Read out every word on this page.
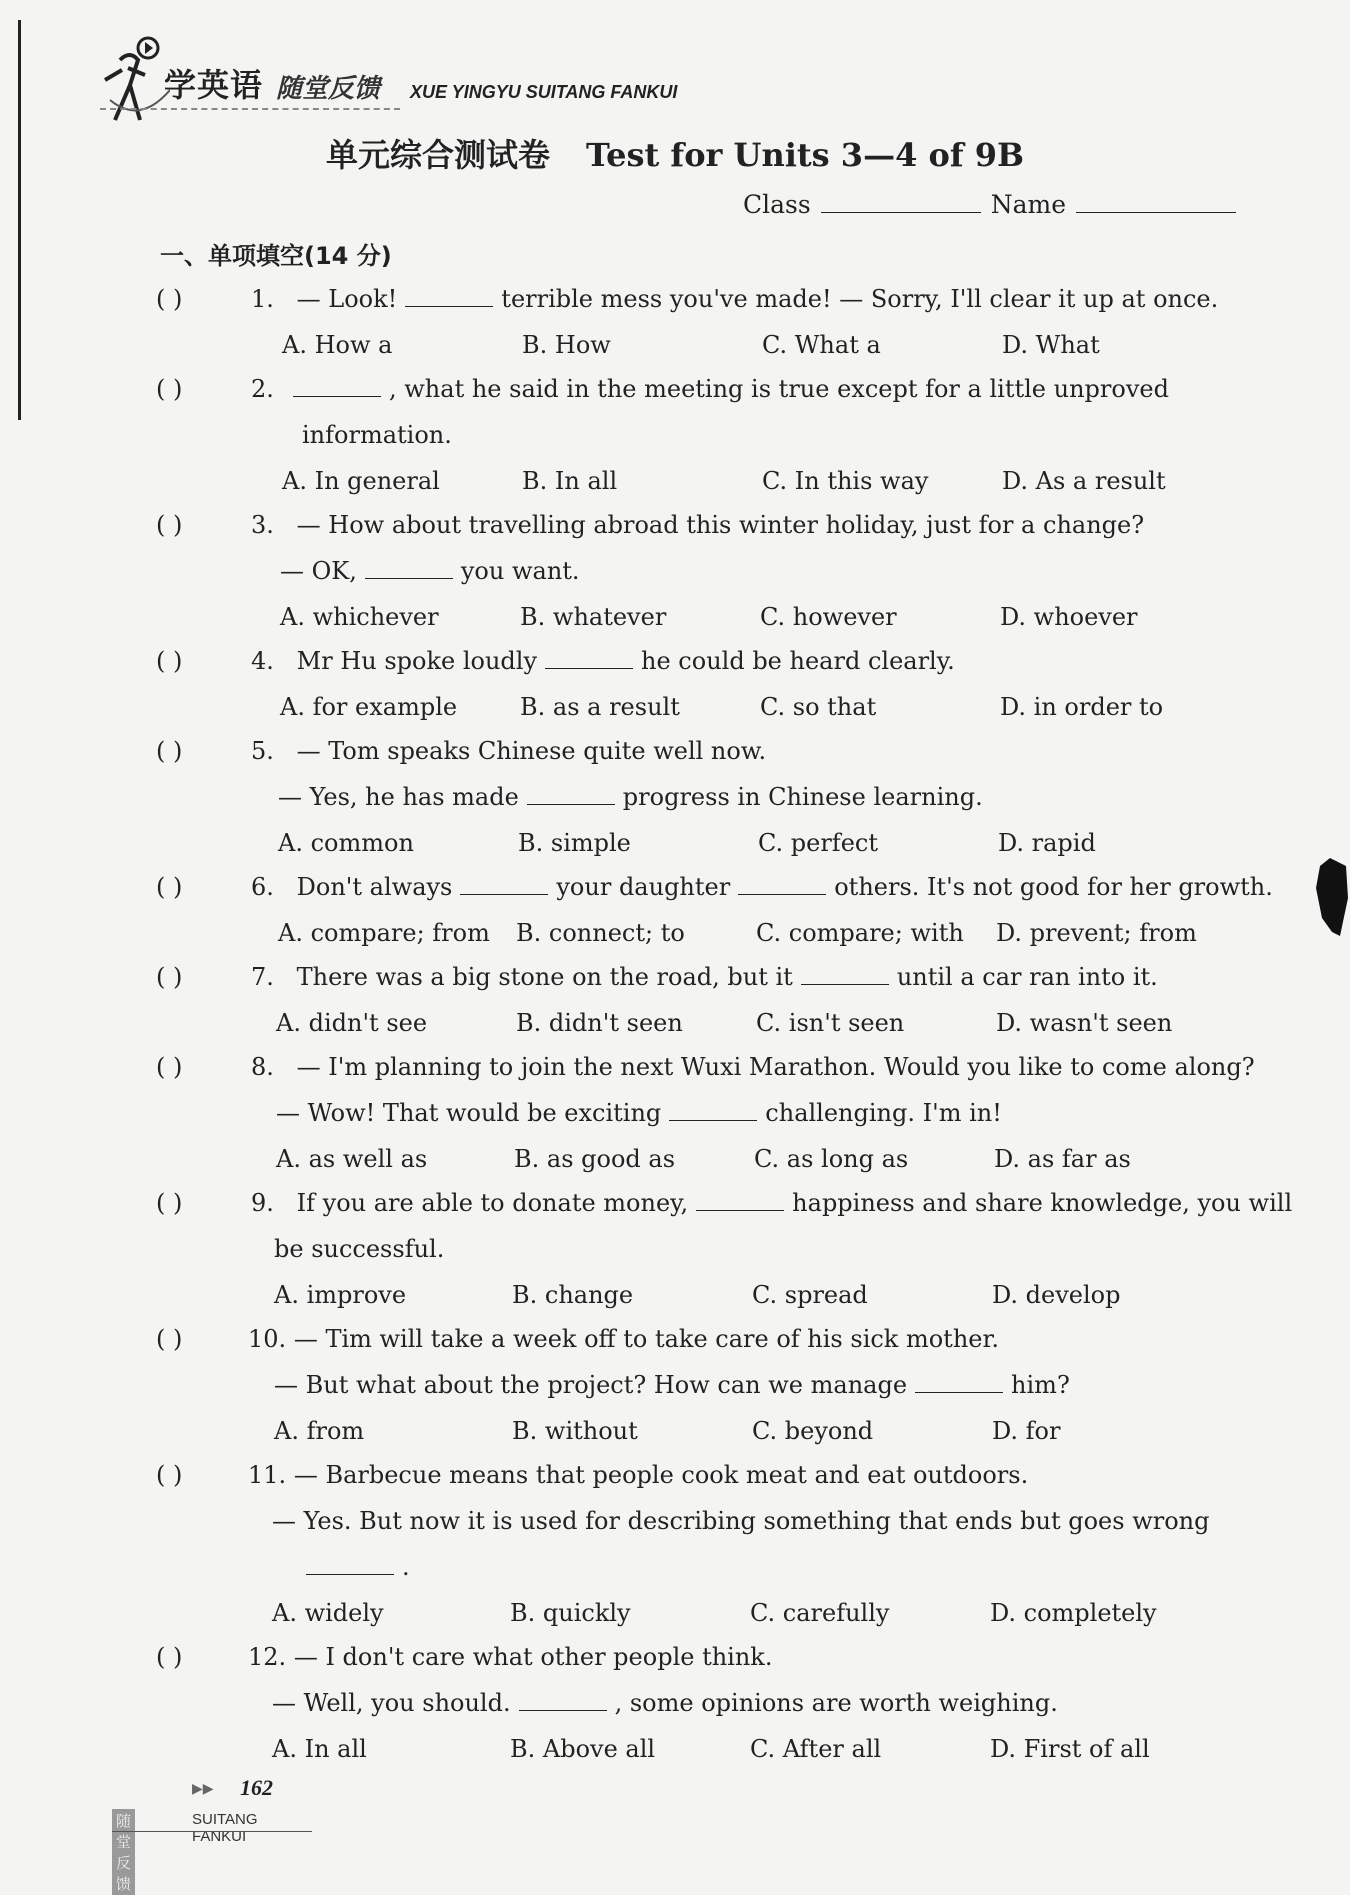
学英语 随堂反馈 XUE YINGYU SUITANG FANKUI
单元综合测试卷 Test for Units 3—4 of 9B
Class	Name
一、单项填空(14 分)
( )	1. — Look!	terrible mess you've made! — Sorry, I'll clear it up at once.
A. How a	B. How	C. What a	D. What
( )	2.	, what he said in the meeting is true except for a little unproved
information.
A. In general	B. In all	C. In this way	D. As a result
( )	3. — How about travelling abroad this winter holiday, just for a change?
— OK,	you want.
A. whichever	B. whatever	C. however	D. whoever
( )	4. Mr Hu spoke loudly	he could be heard clearly.
A. for example	B. as a result	C. so that	D. in order to
( )	5. — Tom speaks Chinese quite well now.
— Yes, he has made	progress in Chinese learning.
A. common	B. simple	C. perfect	D. rapid
( )	6. Don't always	your daughter	others. It's not good for her growth.
A. compare; from B. connect; to	C. compare; with D. prevent; from
( )	7. There was a big stone on the road, but it	until a car ran into it.
A. didn't see	B. didn't seen	C. isn't seen	D. wasn't seen
( )	8. — I'm planning to join the next Wuxi Marathon. Would you like to come along?
— Wow! That would be exciting	challenging. I'm in!
A. as well as	B. as good as	C. as long as	D. as far as
( )	9. If you are able to donate money,	happiness and share knowledge, you will
be successful.
A. improve	B. change	C. spread	D. develop
( )	10. — Tim will take a week off to take care of his sick mother.
— But what about the project? How can we manage	him?
A. from	B. without	C. beyond	D. for
( )	11. — Barbecue means that people cook meat and eat outdoors.
— Yes. But now it is used for describing something that ends but goes wrong
.
A. widely	B. quickly	C. carefully	D. completely
( )	12. — I don't care what other people think.
— Well, you should.	, some opinions are worth weighing.
A. In all	B. Above all	C. After all	D. First of all
▶▶ 162
随堂反馈
SUITANG FANKUI
